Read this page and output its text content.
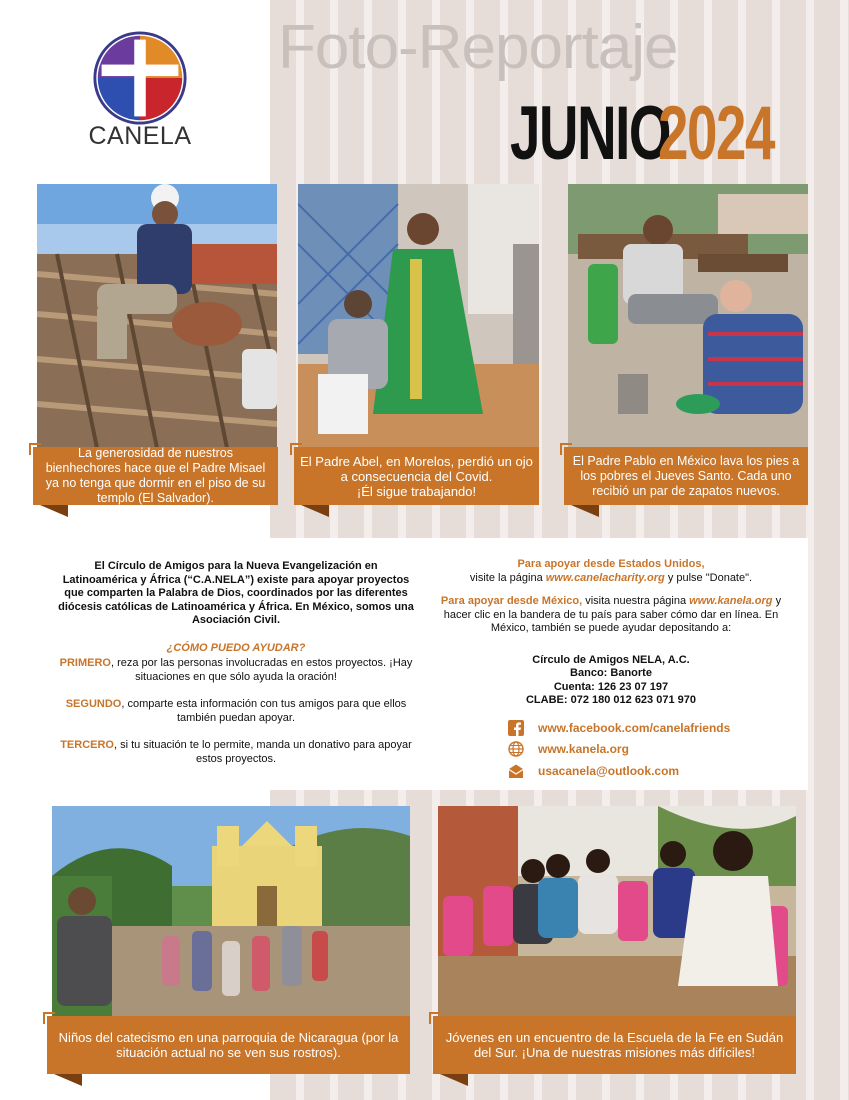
CANELA
Foto-Reportaje
JUNIO
2024
La generosidad de nuestros bienhechores hace que el Padre Misael ya no tenga que dormir en el piso de su templo (El Salvador).
El Padre Abel, en Morelos, perdió un ojo a consecuencia del Covid.
¡Él sigue trabajando!
El Padre Pablo en México lava los pies a los pobres el Jueves Santo. Cada uno recibió un par de zapatos nuevos.

El Círculo de Amigos para la Nueva Evangelización en Latinoamérica y África (“C.A.NELA”) existe para apoyar proyectos que comparten la Palabra de Dios, coordinados por las diferentes diócesis católicas de Latinoamérica y África. En México, somos una Asociación Civil.

¿CÓMO PUEDO AYUDAR?

PRIMERO, reza por las personas involucradas en estos proyectos. ¡Hay situaciones en que sólo ayuda la oración!

SEGUNDO, comparte esta información con tus amigos para que ellos también puedan apoyar.

TERCERO, si tu situación te lo permite, manda un donativo para apoyar estos proyectos.

Para apoyar desde Estados Unidos,
visite la página www.canelacharity.org y pulse "Donate".

Para apoyar desde México, visita nuestra página www.kanela.org y hacer clic en la bandera de tu país para saber cómo dar en línea. En México, también se puede ayudar depositando a:

Círculo de Amigos NELA, A.C.
Banco: Banorte
Cuenta: 126 23 07 197
CLABE: 072 180 012 623 071 970

www.facebook.com/canelafriends
www.kanela.org
usacanela@outlook.com
Niños del catecismo en una parroquia de Nicaragua (por la situación actual no se ven sus rostros).
Jóvenes en un encuentro de la Escuela de la Fe en Sudán del Sur. ¡Una de nuestras misiones más difíciles!
